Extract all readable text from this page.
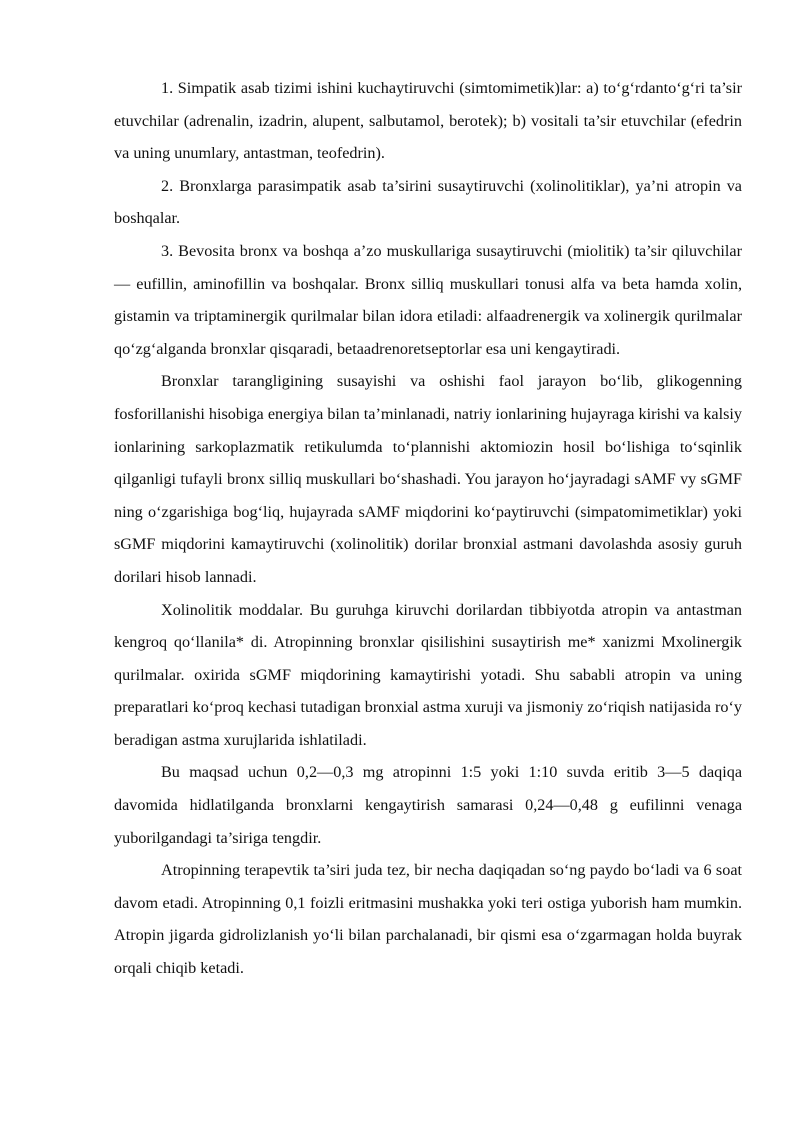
1. Simpatik asab tizimi ishini kuchaytiruvchi (simtomimetik)lar: a) to‘g‘rdanto‘g‘ri ta’sir etuvchilar (adrenalin, izadrin, alupent, salbutamol, berotek); b) vositali ta’sir etuvchilar (efedrin va uning unumlary, antastman, teofedrin).

2. Bronxlarga parasimpatik asab ta’sirini susaytiruvchi (xolinolitiklar), ya’ni atropin va boshqalar.

3. Bevosita bronx va boshqa a’zo muskullariga susaytiruvchi (miolitik) ta’sir qiluvchilar — eufillin, aminofillin va boshqalar. Bronx silliq muskullari tonusi alfa va beta hamda xolin, gistamin va triptaminergik qurilmalar bilan idora etiladi: alfaadrenergik va xolinergik qurilmalar qo‘zg‘alganda bronxlar qisqaradi, betaadrenoretseptorlar esa uni kengaytiradi.

Bronxlar tarangligining susayishi va oshishi faol jarayon bo‘lib, glikogenning fosforillanishi hisobiga energiya bilan ta’minlanadi, natriy ionlarining hujayraga kirishi va kalsiy ionlarining sarkoplazmatik retikulumda to‘plannishi aktomiozin hosil bo‘lishiga to‘sqinlik qilganligi tufayli bronx silliq muskullari bo‘shashadi. You jarayon ho‘jayradagi sAMF vy sGMF ning o‘zgarishiga bog‘liq, hujayrada sAMF miqdorini ko‘paytiruvchi (simpatomimetiklar) yoki sGMF miqdorini kamaytiruvchi (xolinolitik) dorilar bronxial astmani davolashda asosiy guruh dorilari hisob lannadi.

Xolinolitik moddalar. Bu guruhga kiruvchi dorilardan tibbiyotda atropin va antastman kengroq qo‘llanila* di. Atropinning bronxlar qisilishini susaytirish me* xanizmi Mxolinergik qurilmalar. oxirida sGMF miqdorining kamaytirishi yotadi. Shu sababli atropin va uning preparatlari ko‘proq kechasi tutadigan bronxial astma xuruji va jismoniy zo‘riqish natijasida ro‘y beradigan astma xurujlarida ishlatiladi.

Bu maqsad uchun 0,2—0,3 mg atropinni 1:5 yoki 1:10 suvda eritib 3—5 daqiqa davomida hidlatilganda bronxlarni kengaytirish samarasi 0,24—0,48 g eufilinni venaga yuborilgandagi ta’siriga tengdir.

Atropinning terapevtik ta’siri juda tez, bir necha daqiqadan so‘ng paydo bo‘ladi va 6 soat davom etadi. Atropinning 0,1 foizli eritmasini mushakka yoki teri ostiga yuborish ham mumkin. Atropin jigarda gidrolizlanish yo‘li bilan parchalanadi, bir qismi esa o‘zgarmagan holda buyrak orqali chiqib ketadi.
